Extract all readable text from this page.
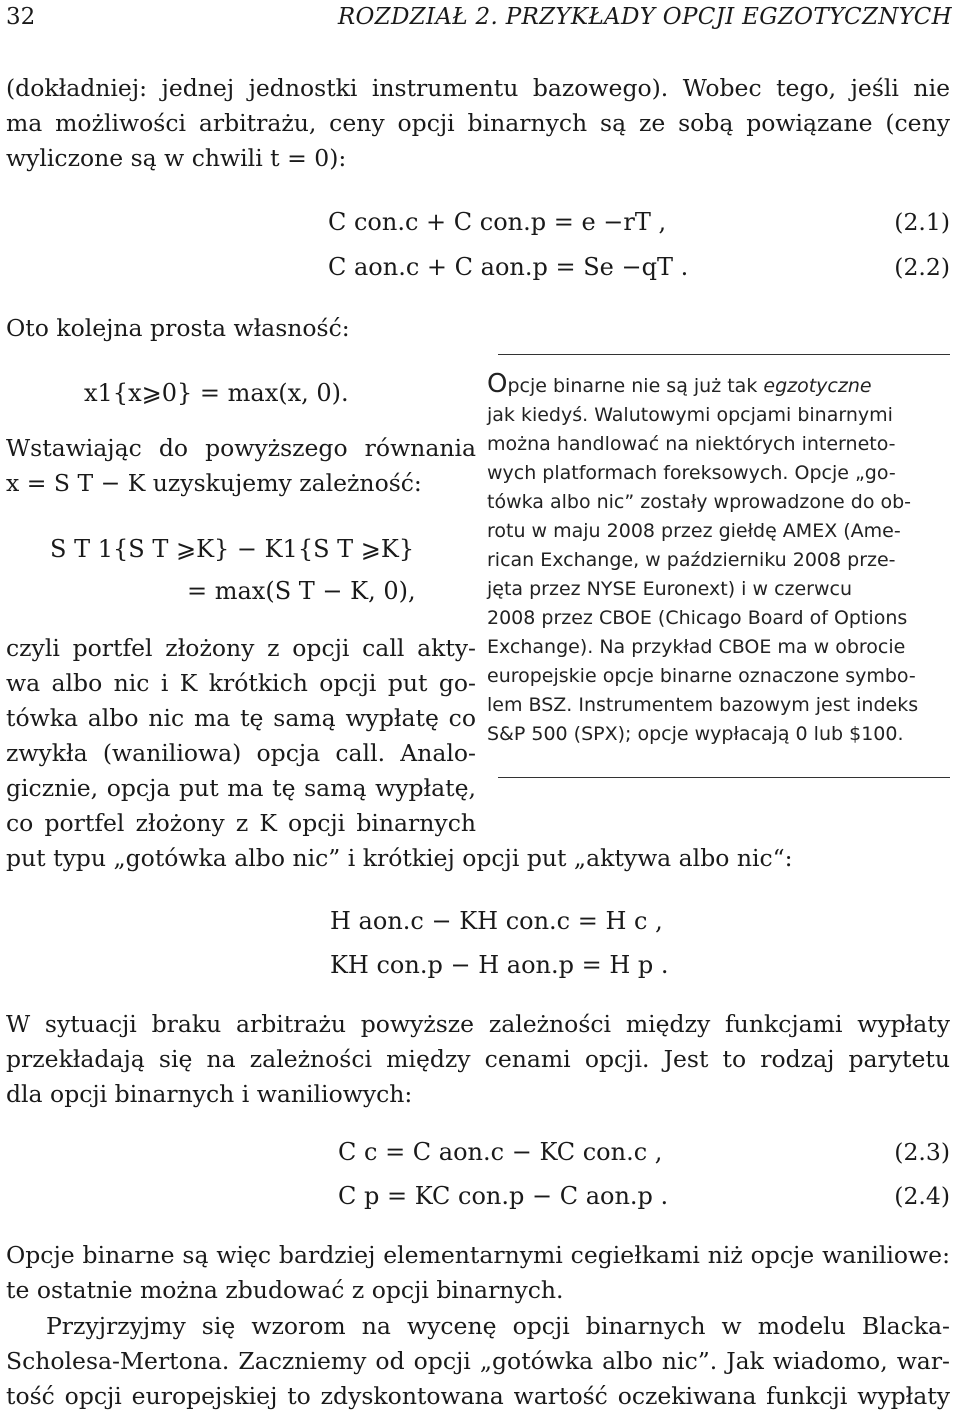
32	ROZDZIAŁ 2. PRZYKŁADY OPCJI EGZOTYCZNYCH
(dokładniej: jednej jednostki instrumentu bazowego). Wobec tego, jeśli nie
ma możliwości arbitrażu, ceny opcji binarnych są ze sobą powiązane (ceny
wyliczone są w chwili t = 0):
C con.c + C con.p = e −rT ,	(2.1)
C aon.c + C aon.p = Se −qT .	(2.2)
Oto kolejna prosta własność:
x1{x⩾0} = max(x, 0).
Wstawiając do powyższego równania
x = S T − K uzyskujemy zależność:
S T 1{S T ⩾K} − K1{S T ⩾K}
= max(S T − K, 0),
czyli portfel złożony z opcji call akty-
wa albo nic i K krótkich opcji put go-
tówka albo nic ma tę samą wypłatę co
zwykła (waniliowa) opcja call. Analo-
gicznie, opcja put ma tę samą wypłatę,
co portfel złożony z K opcji binarnych
put typu „gotówka albo nic” i krótkiej opcji put „aktywa albo nic“:
Opcje binarne nie są już tak egzotyczne
jak kiedyś. Walutowymi opcjami binarnymi
można handlować na niektórych interneto-
wych platformach foreksowych. Opcje „go-
tówka albo nic” zostały wprowadzone do ob-
rotu w maju 2008 przez giełdę AMEX (Ame-
rican Exchange, w październiku 2008 prze-
jęta przez NYSE Euronext) i w czerwcu
2008 przez CBOE (Chicago Board of Options
Exchange). Na przykład CBOE ma w obrocie
europejskie opcje binarne oznaczone symbo-
lem BSZ. Instrumentem bazowym jest indeks
S&P 500 (SPX); opcje wypłacają 0 lub $100.
H aon.c − KH con.c = H c ,
KH con.p − H aon.p = H p .
W sytuacji braku arbitrażu powyższe zależności między funkcjami wypłaty
przekładają się na zależności między cenami opcji. Jest to rodzaj parytetu
dla opcji binarnych i waniliowych:
C c = C aon.c − KC con.c ,	(2.3)
C p = KC con.p − C aon.p .	(2.4)
Opcje binarne są więc bardziej elementarnymi cegiełkami niż opcje waniliowe:
te ostatnie można zbudować z opcji binarnych.
Przyjrzyjmy się wzorom na wycenę opcji binarnych w modelu Blacka-
Scholesa-Mertona. Zaczniemy od opcji „gotówka albo nic”. Jak wiadomo, war-
tość opcji europejskiej to zdyskontowana wartość oczekiwana funkcji wypłaty
